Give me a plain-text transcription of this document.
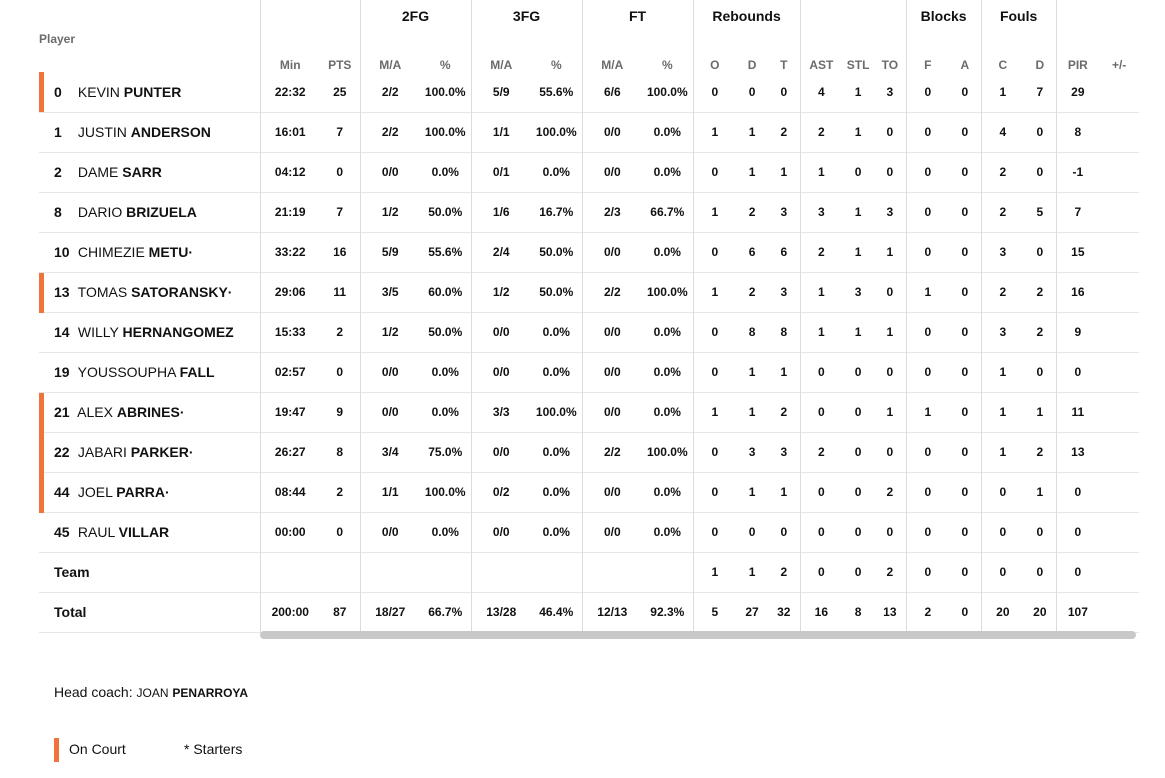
			2FG		3FG		FT		Rebounds						Blocks		Fouls			
Player	Min	PTS	M/A	%	M/A	%	M/A	%	O	D	T	AST	STL	TO	F	A	C	D	PIR	+/-

0 KEVIN PUNTER	22:32	25	2/2	100.0%	5/9	55.6%	6/6	100.0%	0	0	0	4	1	3	0	0	1	7	29	
1 JUSTIN ANDERSON	16:01	7	2/2	100.0%	1/1	100.0%	0/0	0.0%	1	1	2	2	1	0	0	0	4	0	8	
2 DAME SARR	04:12	0	0/0	0.0%	0/1	0.0%	0/0	0.0%	0	1	1	1	0	0	0	0	2	0	-1	
8 DARIO BRIZUELA	21:19	7	1/2	50.0%	1/6	16.7%	2/3	66.7%	1	2	3	3	1	3	0	0	2	5	7	
10 CHIMEZIE METU·	33:22	16	5/9	55.6%	2/4	50.0%	0/0	0.0%	0	6	6	2	1	1	0	0	3	0	15	

13 TOMAS SATORANSKY·	29:06	11	3/5	60.0%	1/2	50.0%	2/2	100.0%	1	2	3	1	3	0	1	0	2	2	16	
14 WILLY HERNANGOMEZ	15:33	2	1/2	50.0%	0/0	0.0%	0/0	0.0%	0	8	8	1	1	1	0	0	3	2	9	
19 YOUSSOUPHA FALL	02:57	0	0/0	0.0%	0/0	0.0%	0/0	0.0%	0	1	1	0	0	0	0	0	1	0	0	

21 ALEX ABRINES·	19:47	9	0/0	0.0%	3/3	100.0%	0/0	0.0%	1	1	2	0	0	1	1	0	1	1	11	

22 JABARI PARKER·	26:27	8	3/4	75.0%	0/0	0.0%	2/2	100.0%	0	3	3	2	0	0	0	0	1	2	13	

44 JOEL PARRA·	08:44	2	1/1	100.0%	0/2	0.0%	0/0	0.0%	0	1	1	0	0	2	0	0	0	1	0	
45 RAUL VILLAR	00:00	0	0/0	0.0%	0/0	0.0%	0/0	0.0%	0	0	0	0	0	0	0	0	0	0	0	
Team									1	1	2	0	0	2	0	0	0	0	0	
Total	200:00	87	18/27	66.7%	13/28	46.4%	12/13	92.3%	5	27	32	16	8	13	2	0	20	20	107	
Head coach: JOAN PENARROYA
On Court	* Starters
